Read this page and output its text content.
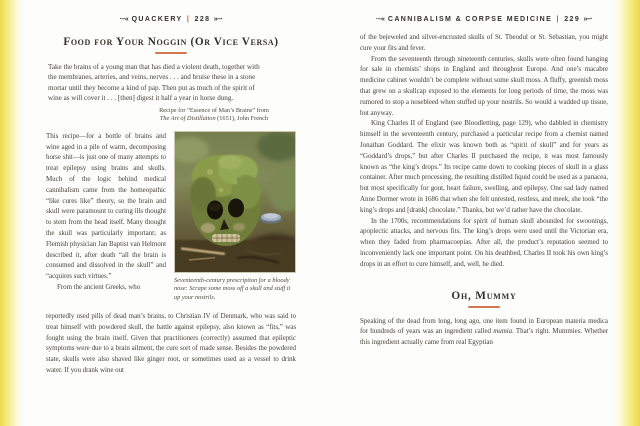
·–« QUACKERY | 228 »–·
Food for Your Noggin (Or Vice Versa)
Take the brains of a young man that has died a violent death, together with the membranes, arteries, and veins, nerves . . . and bruise these in a stone mortar until they become a kind of pap. Then put as much of the spirit of wine as will cover it . . . [then] digest it half a year in horse dung.
Recipe for “Essence of Man’s Brains” from
The Art of Distillation (1651), John French

This recipe—for a bottle of brains and wine aged in a pile of warm, decomposing horse shit—is just one of many attempts to treat epilepsy using brains and skulls. Much of the logic behind medical cannibalism came from the homeopathic “like cures like” theory, so the brain and skull were paramount to curing ills thought to stem from the head itself. Many thought the skull was particularly important; as Flemish physician Jan Baptist van Helmont described it, after death “all the brain is consumed and dissolved in the skull” and “acquires such virtues.”

From the ancient Greeks, who

Seventeenth-century prescription for a bloody nose: Scrape some moss off a skull and stuff it up your nostrils.
reportedly used pills of dead man’s brains, to Christian IV of Denmark, who was said to treat himself with powdered skull, the battle against epilepsy, also known as “fits,” was fought using the brain itself. Given that practitioners (correctly) assumed that epileptic symptoms were due to a brain ailment, the cure sort of made sense. Besides the powdered state, skulls were also shaved like ginger root, or sometimes used as a vessel to drink water. If you drank wine out
·–« CANNIBALISM & CORPSE MEDICINE | 229 »–·

of the bejeweled and silver-encrusted skulls of St. Theodul or St. Sebastian, you might cure your fits and fever.

From the seventeenth through nineteenth centuries, skulls were often found hanging for sale in chemists’ shops in England and throughout Europe. And one’s macabre medicine cabinet wouldn’t be complete without some skull moss. A fluffy, greenish moss that grew on a skullcap exposed to the elements for long periods of time, the moss was rumored to stop a nosebleed when stuffed up your nostrils. So would a wadded up tissue, but anyway.

King Charles II of England (see Bloodletting, page 129), who dabbled in chemistry himself in the seventeenth century, purchased a particular recipe from a chemist named Jonathan Goddard. The elixir was known both as “spirit of skull” and for years as “Goddard’s drops,” but after Charles II purchased the recipe, it was most famously known as “the king’s drops.” Its recipe came down to cooking pieces of skull in a glass container. After much processing, the resulting distilled liquid could be used as a panacea, but most specifically for gout, heart failure, swelling, and epilepsy. One sad lady named Anne Dormer wrote in 1686 that when she felt unrested, restless, and meek, she took “the king’s drops and [drank] chocolate.” Thanks, but we’d rather have the chocolate.

In the 1700s, recommendations for spirit of human skull abounded for swoonings, apoplectic attacks, and nervous fits. The king’s drops were used until the Victorian era, when they faded from pharmacoepias. After all, the product’s reputation seemed to inconveniently lack one important point. On his deathbed, Charles II took his own king’s drops in an effort to cure himself, and, well, he died.

Oh, Mummy

Speaking of the dead from long, long ago, one item found in European materia medica for hundreds of years was an ingredient called mumia. That’s right. Mummies. Whether this ingredient actually came from real Egyptian
